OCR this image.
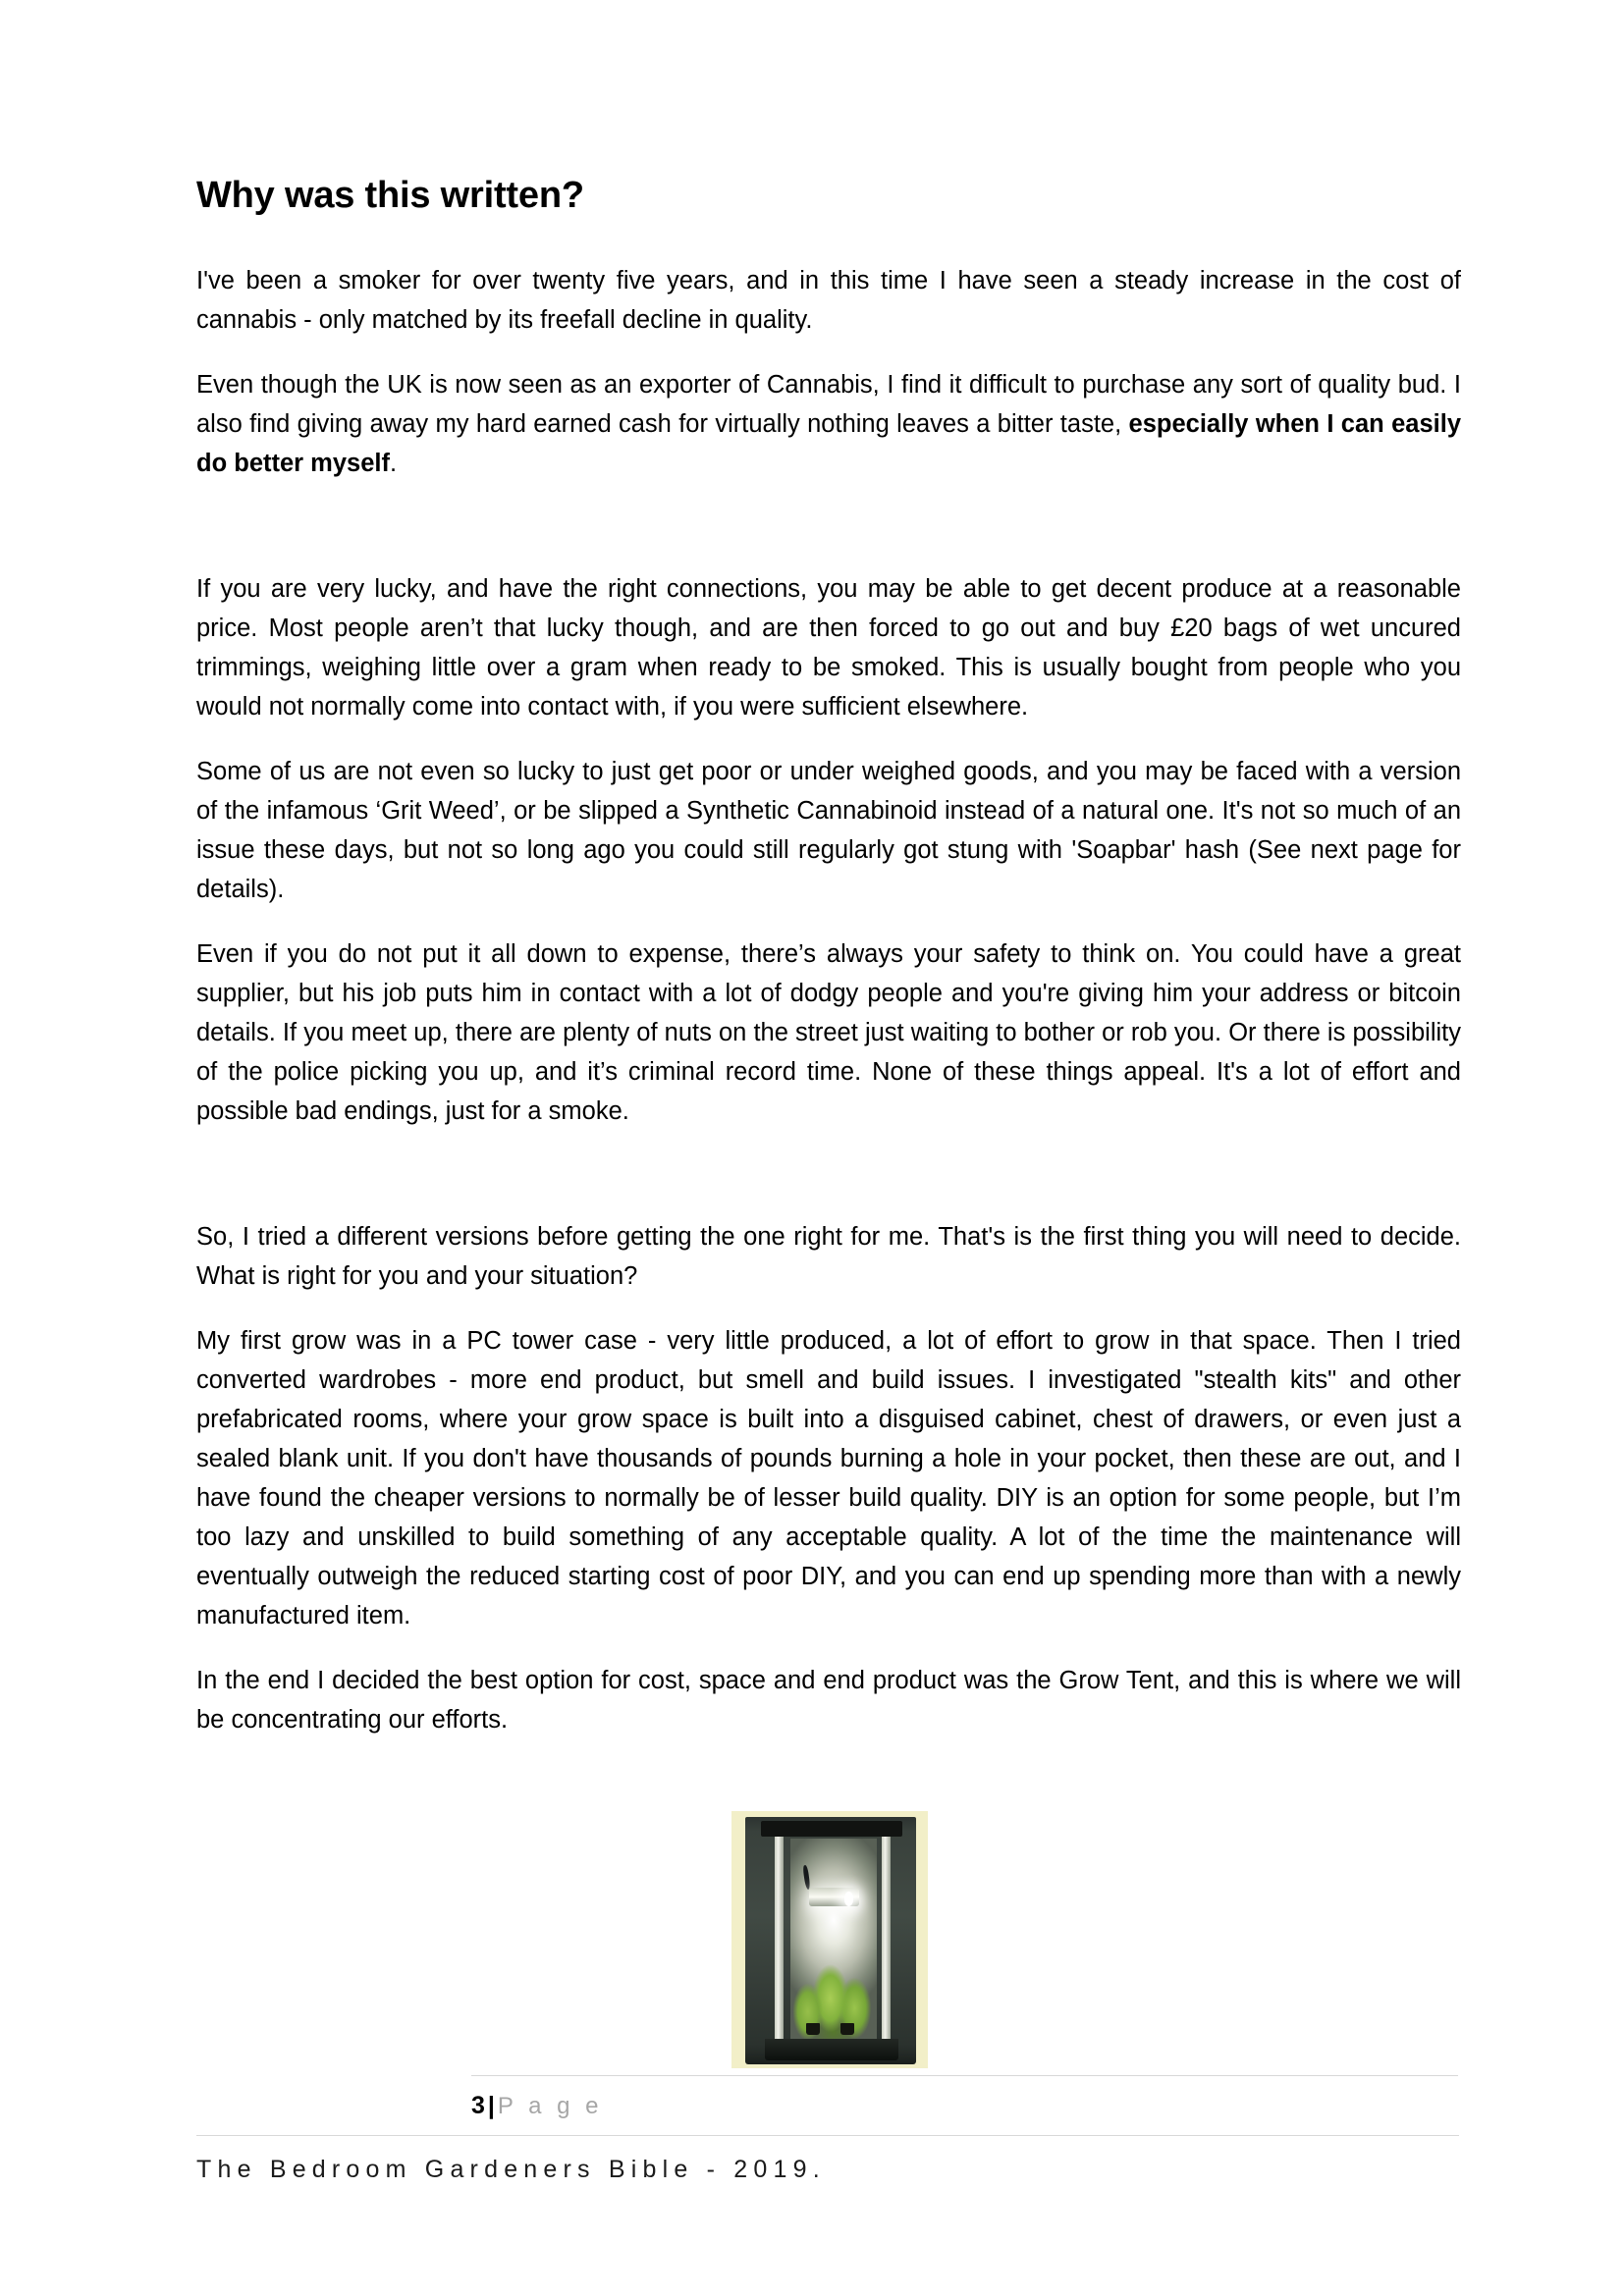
Why was this written?

I've been a smoker for over twenty five years, and in this time I have seen a steady increase in the cost of cannabis - only matched by its freefall decline in quality.

Even though the UK is now seen as an exporter of Cannabis, I find it difficult to purchase any sort of quality bud. I also find giving away my hard earned cash for virtually nothing leaves a bitter taste, especially when I can easily do better myself.

If you are very lucky, and have the right connections, you may be able to get decent produce at a reasonable price. Most people aren’t that lucky though, and are then forced to go out and buy £20 bags of wet uncured trimmings, weighing little over a gram when ready to be smoked. This is usually bought from people who you would not normally come into contact with, if you were sufficient elsewhere.

Some of us are not even so lucky to just get poor or under weighed goods, and you may be faced with a version of the infamous ‘Grit Weed’, or be slipped a Synthetic Cannabinoid instead of a natural one. It's not so much of an issue these days, but not so long ago you could still regularly got stung with 'Soapbar' hash (See next page for details).

Even if you do not put it all down to expense, there’s always your safety to think on. You could have a great supplier, but his job puts him in contact with a lot of dodgy people and you're giving him your address or bitcoin details. If you meet up, there are plenty of nuts on the street just waiting to bother or rob you. Or there is possibility of the police picking you up, and it’s criminal record time. None of these things appeal. It's a lot of effort and possible bad endings, just for a smoke.

So, I tried a different versions before getting the one right for me. That's is the first thing you will need to decide. What is right for you and your situation?

My first grow was in a PC tower case - very little produced, a lot of effort to grow in that space. Then I tried converted wardrobes - more end product, but smell and build issues. I investigated "stealth kits" and other prefabricated rooms, where your grow space is built into a disguised cabinet, chest of drawers, or even just a sealed blank unit. If you don't have thousands of pounds burning a hole in your pocket, then these are out, and I have found the cheaper versions to normally be of lesser build quality. DIY is an option for some people, but I’m too lazy and unskilled to build something of any acceptable quality. A lot of the time the maintenance will eventually outweigh the reduced starting cost of poor DIY, and you can end up spending more than with a newly manufactured item.

In the end I decided the best option for cost, space and end product was the Grow Tent, and this is where we will be concentrating our efforts.

3 | P a g e
The Bedroom Gardeners Bible - 2019.
